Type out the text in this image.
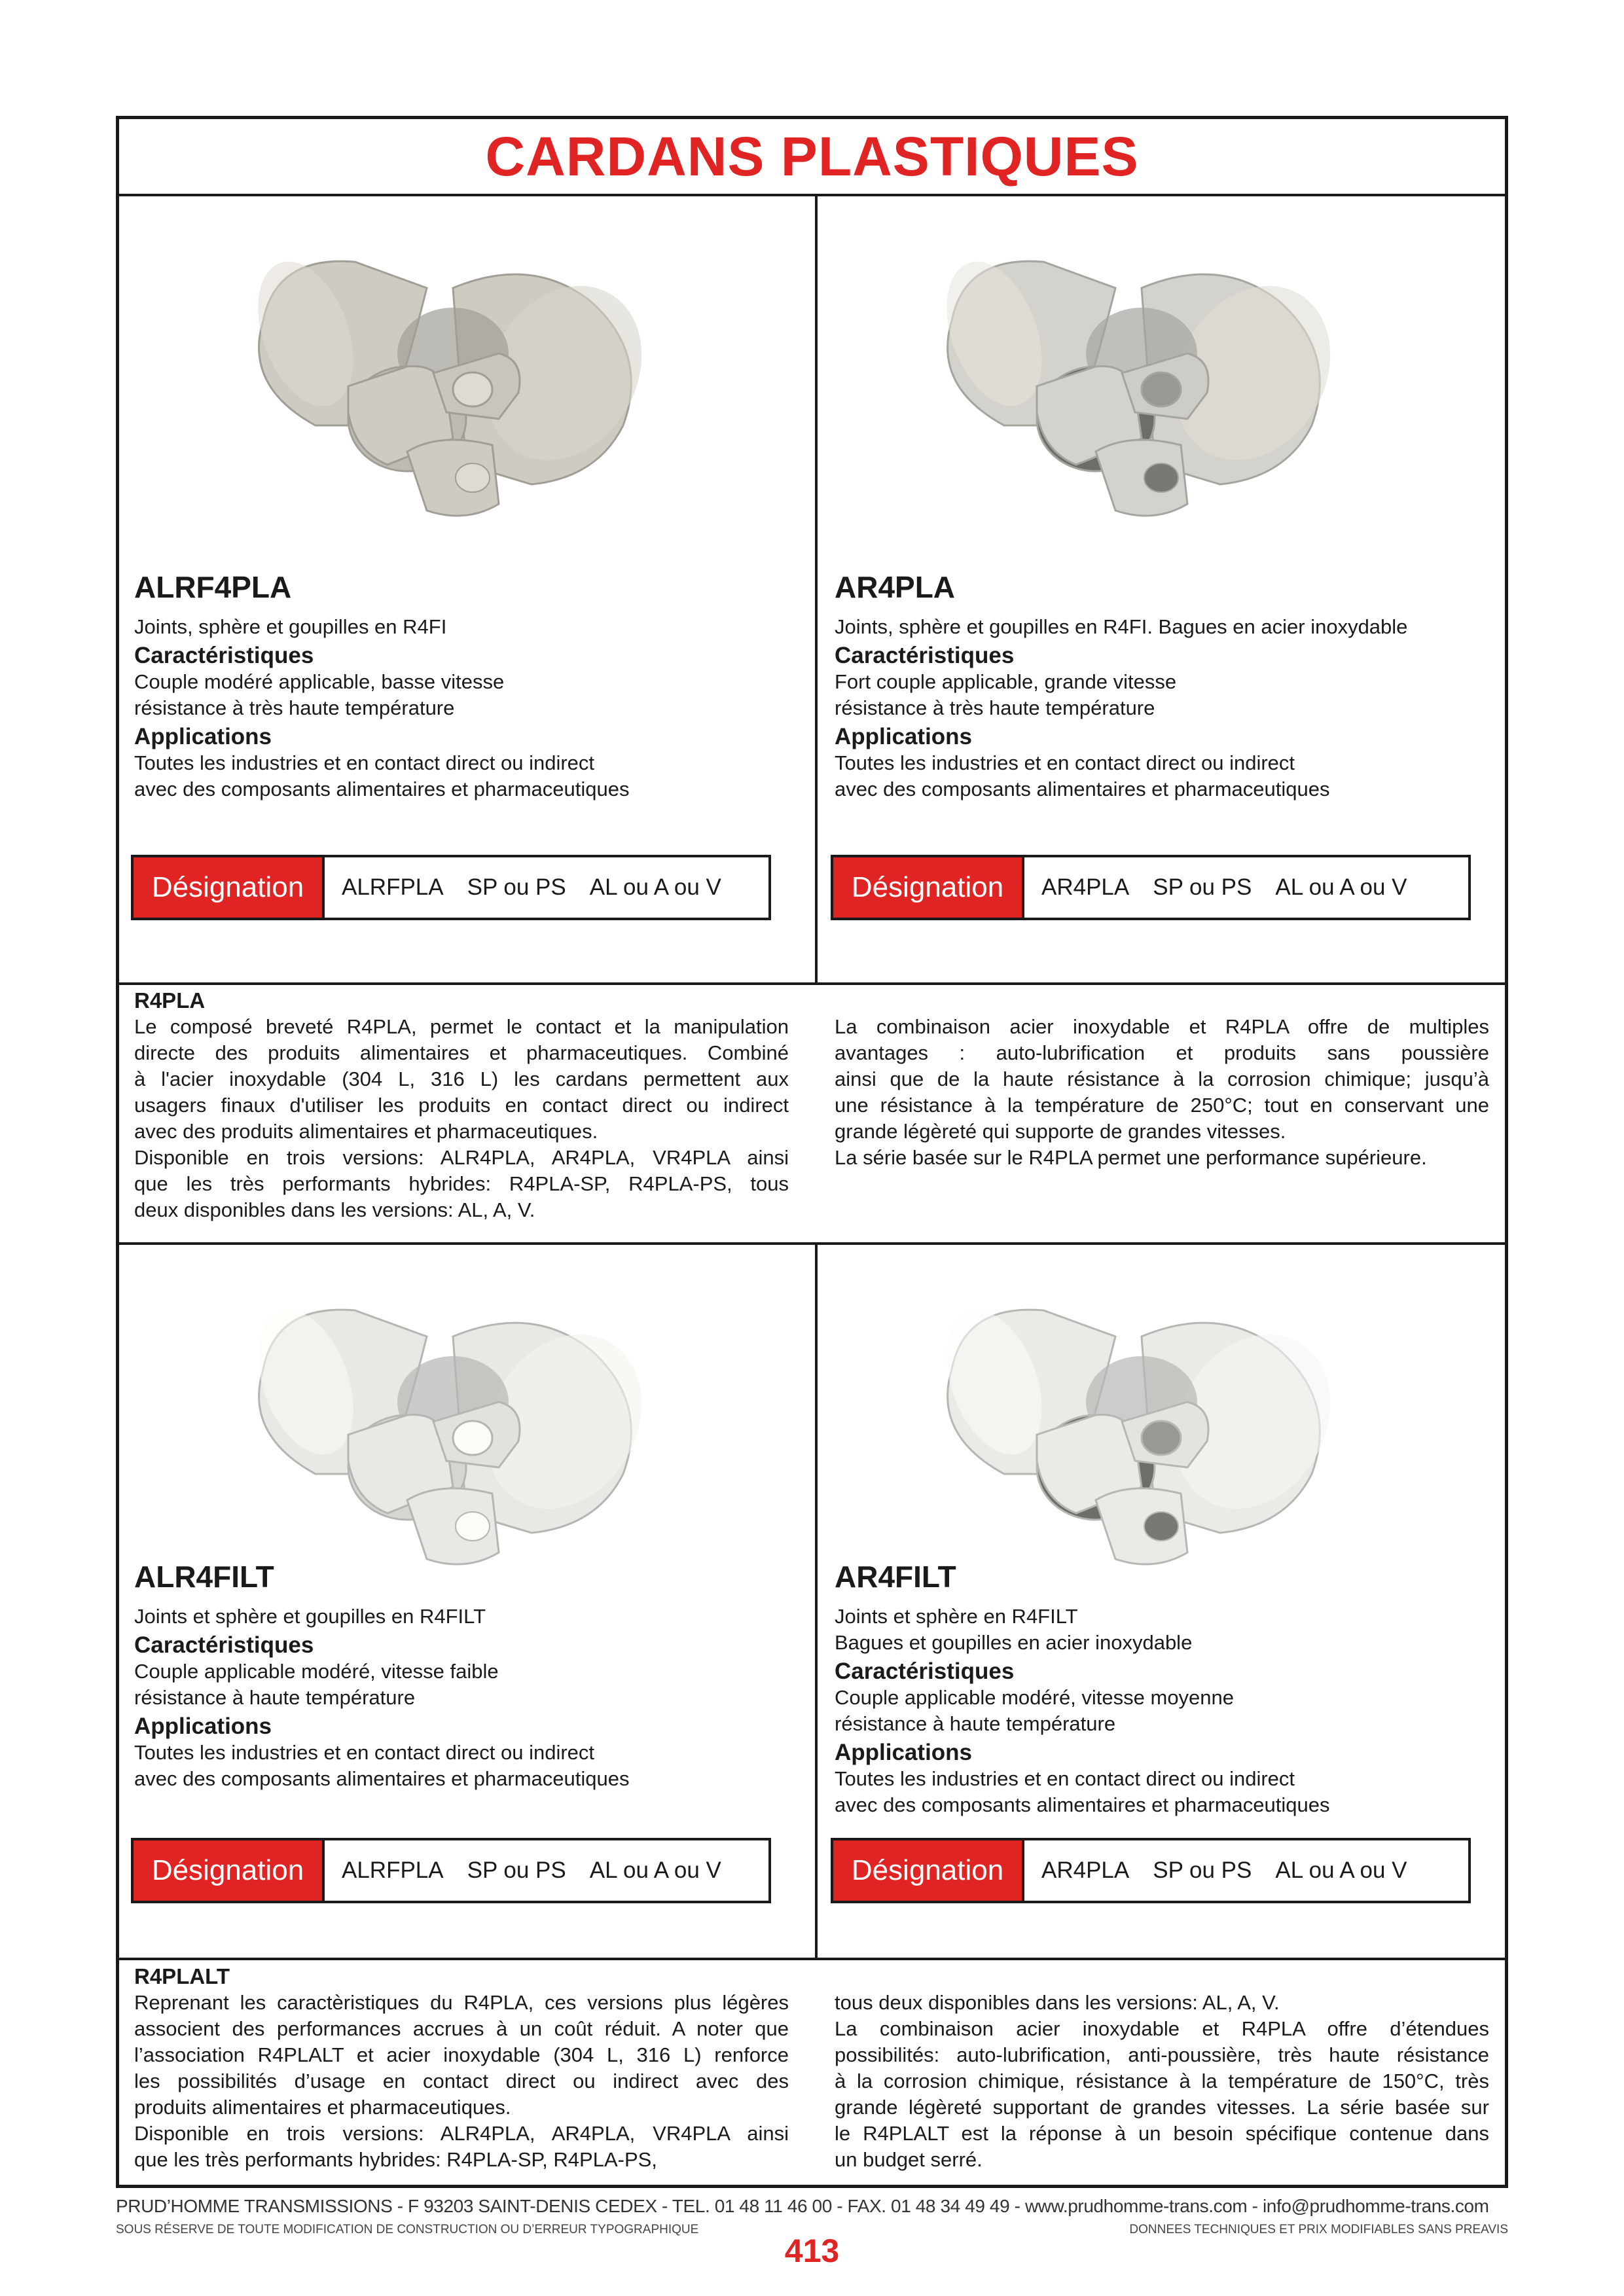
CARDANS PLASTIQUES

ALRF4PLA

Joints, sphère et goupilles en R4FI

Caractéristiques

Couple modéré applicable, basse vitesse

résistance à très haute température

Applications

Toutes les industries et en contact direct ou indirect

avec des composants alimentaires et pharmaceutiques

Désignation	ALRFPLA SP ou PS AL ou A ou V

AR4PLA

Joints, sphère et goupilles en R4FI. Bagues en acier inoxydable

Caractéristiques

Fort couple applicable, grande vitesse

résistance à très haute température

Applications

Toutes les industries et en contact direct ou indirect

avec des composants alimentaires et pharmaceutiques

Désignation	AR4PLA SP ou PS AL ou A ou V

ALR4FILT

Joints et sphère et goupilles en R4FILT

Caractéristiques

Couple applicable modéré, vitesse faible

résistance à haute température

Applications

Toutes les industries et en contact direct ou indirect

avec des composants alimentaires et pharmaceutiques

Désignation	ALRFPLA SP ou PS AL ou A ou V

AR4FILT

Joints et sphère en R4FILT

Bagues et goupilles en acier inoxydable

Caractéristiques

Couple applicable modéré, vitesse moyenne

résistance à haute température

Applications

Toutes les industries et en contact direct ou indirect

avec des composants alimentaires et pharmaceutiques

Désignation	AR4PLA SP ou PS AL ou A ou V

R4PLA

Le composé breveté R4PLA, permet le contact et la manipulation
directe des produits alimentaires et pharmaceutiques. Combiné
à l'acier inoxydable (304 L, 316 L) les cardans permettent aux
usagers finaux d'utiliser les produits en contact direct ou indirect
avec des produits alimentaires et pharmaceutiques.
Disponible en trois versions: ALR4PLA, AR4PLA, VR4PLA ainsi
que les très performants hybrides: R4PLA-SP, R4PLA-PS, tous
deux disponibles dans les versions: AL, A, V.
La combinaison acier inoxydable et R4PLA offre de multiples
avantages : auto-lubrification et produits sans poussière
ainsi que de la haute résistance à la corrosion chimique; jusqu’à
une résistance à la température de 250°C; tout en conservant une
grande légèreté qui supporte de grandes vitesses.
La série basée sur le R4PLA permet une performance supérieure.

R4PLALT

Reprenant les caractèristiques du R4PLA, ces versions plus légères
associent des performances accrues à un coût réduit. A noter que
l’association R4PLALT et acier inoxydable (304 L, 316 L) renforce
les possibilités d’usage en contact direct ou indirect avec des
produits alimentaires et pharmaceutiques.
Disponible en trois versions: ALR4PLA, AR4PLA, VR4PLA ainsi
que les très performants hybrides: R4PLA-SP, R4PLA-PS,
tous deux disponibles dans les versions: AL, A, V.
La combinaison acier inoxydable et R4PLA offre d’étendues
possibilités: auto-lubrification, anti-poussière, très haute résistance
à la corrosion chimique, résistance à la température de 150°C, très
grande légèreté supportant de grandes vitesses. La série basée sur
le R4PLALT est la réponse à un besoin spécifique contenue dans
un budget serré.
PRUD’HOMME TRANSMISSIONS - F 93203 SAINT-DENIS CEDEX - TEL. 01 48 11 46 00 - FAX. 01 48 34 49 49 - www.prudhomme-trans.com - info@prudhomme-trans.com
SOUS RÉSERVE DE TOUTE MODIFICATION DE CONSTRUCTION OU D’ERREUR TYPOGRAPHIQUE	DONNEES TECHNIQUES ET PRIX MODIFIABLES SANS PREAVIS
413
